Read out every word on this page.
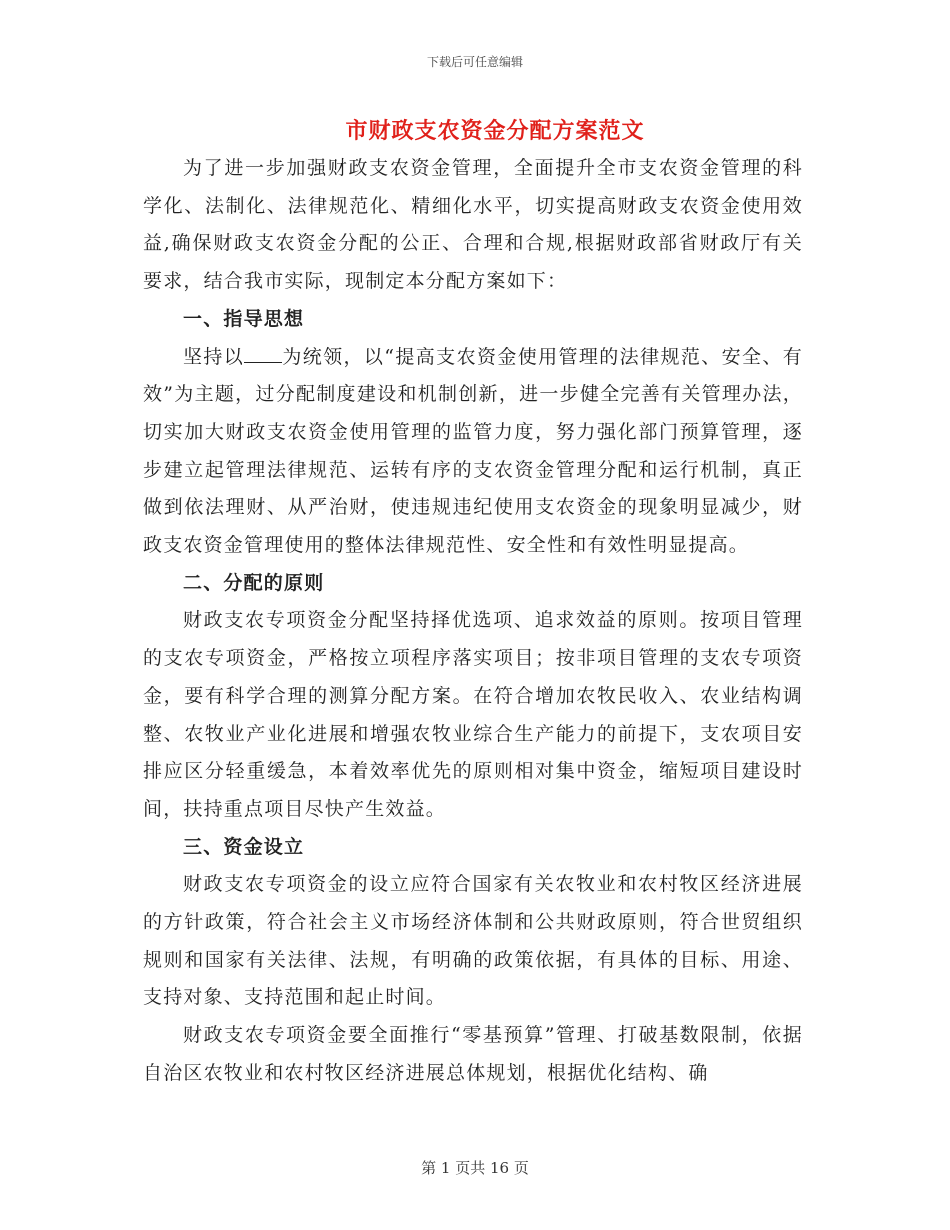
下载后可任意编辑
市财政支农资金分配方案范文

为了进一步加强财政支农资金管理，全面提升全市支农资金管理的科学化、法制化、法律规范化、精细化水平，切实提高财政支农资金使用效益,确保财政支农资金分配的公正、合理和合规,根据财政部省财政厅有关要求，结合我市实际，现制定本分配方案如下：

一、指导思想

坚持以 为统领，以“提高支农资金使用管理的法律规范、安全、有效”为主题，过分配制度建设和机制创新，进一步健全完善有关管理办法，切实加大财政支农资金使用管理的监管力度，努力强化部门预算管理，逐步建立起管理法律规范、运转有序的支农资金管理分配和运行机制，真正做到依法理财、从严治财，使违规违纪使用支农资金的现象明显减少，财政支农资金管理使用的整体法律规范性、安全性和有效性明显提高。

二、分配的原则

财政支农专项资金分配坚持择优选项、追求效益的原则。按项目管理的支农专项资金，严格按立项程序落实项目；按非项目管理的支农专项资金，要有科学合理的测算分配方案。在符合增加农牧民收入、农业结构调整、农牧业产业化进展和增强农牧业综合生产能力的前提下，支农项目安排应区分轻重缓急，本着效率优先的原则相对集中资金，缩短项目建设时间，扶持重点项目尽快产生效益。

三、资金设立

财政支农专项资金的设立应符合国家有关农牧业和农村牧区经济进展的方针政策，符合社会主义市场经济体制和公共财政原则，符合世贸组织规则和国家有关法律、法规，有明确的政策依据，有具体的目标、用途、支持对象、支持范围和起止时间。

财政支农专项资金要全面推行“零基预算”管理、打破基数限制，依据自治区农牧业和农村牧区经济进展总体规划，根据优化结构、确

第 1 页共 16 页
